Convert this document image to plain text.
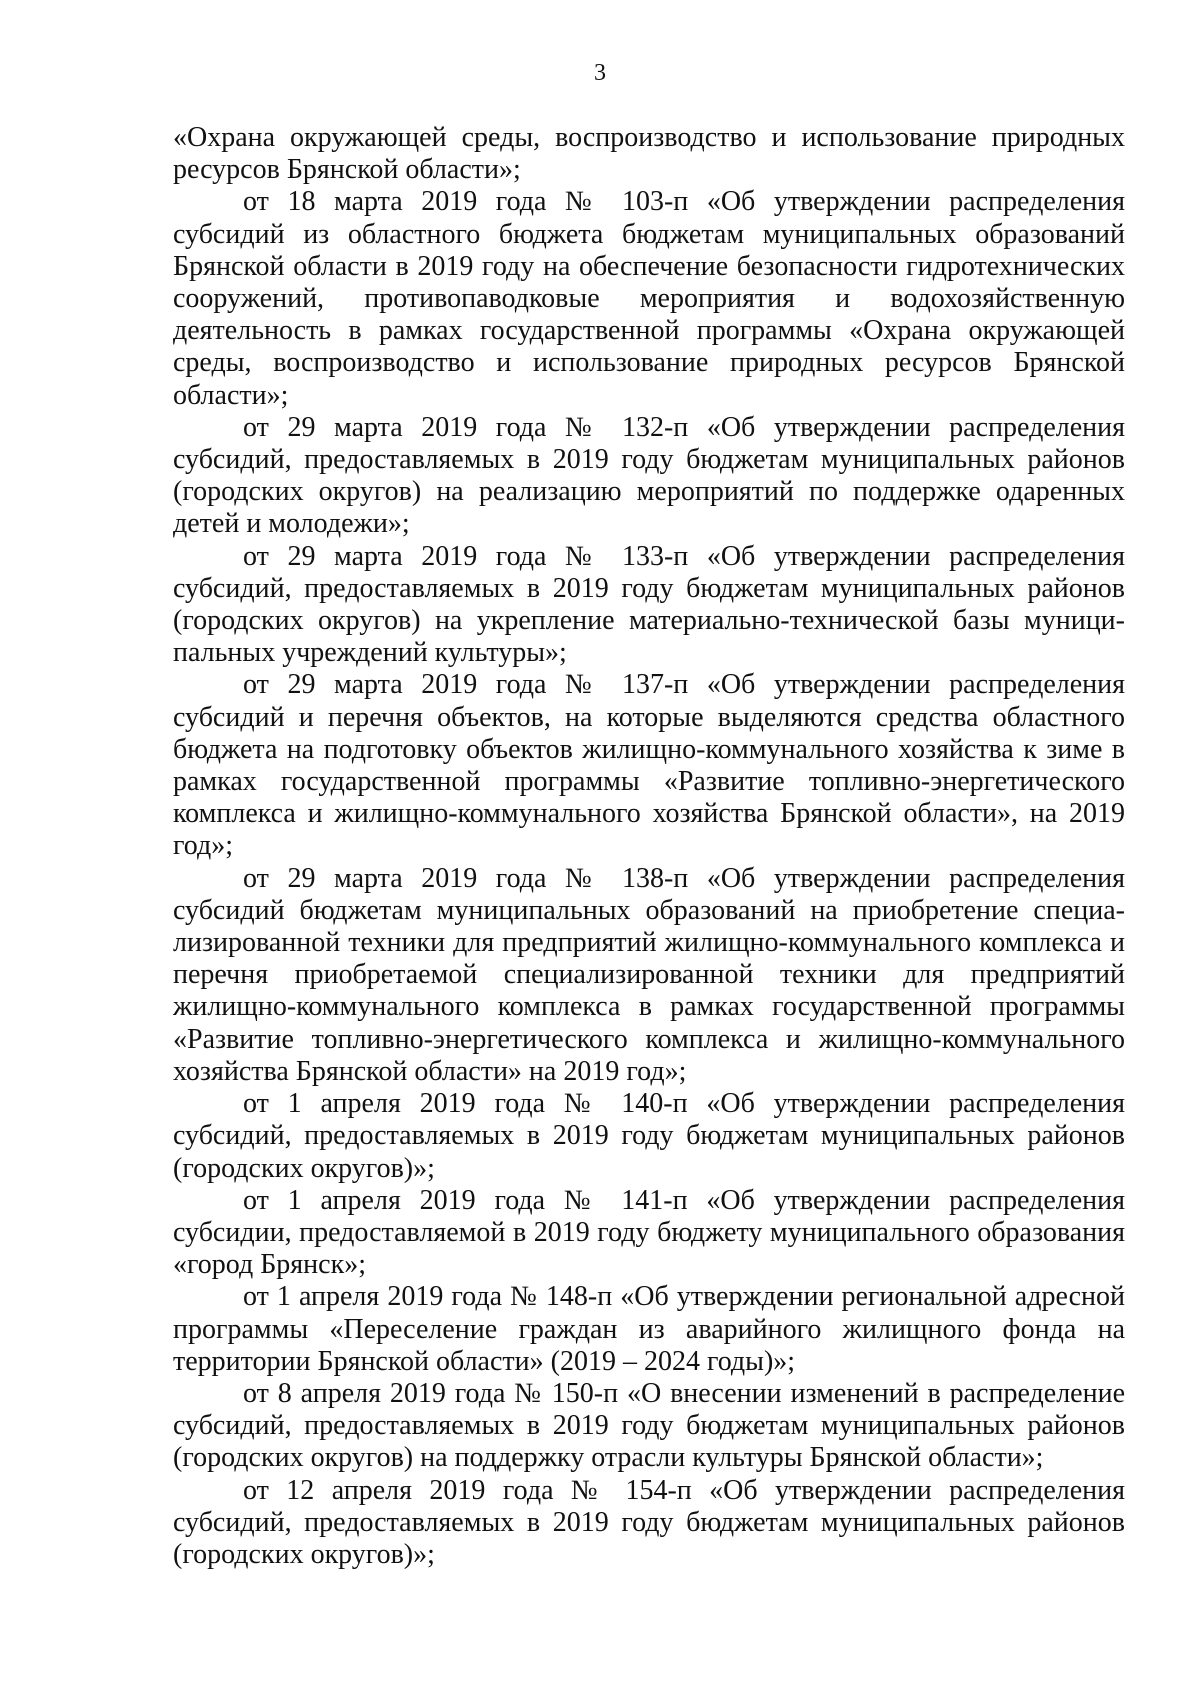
3

«Охрана окружающей среды, воспроизводство и использование природных ресурсов Брянской области»;

от 18 марта 2019 года № 103-п «Об утверждении распределения субсидий из областного бюджета бюджетам муниципальных образований Брянской области в 2019 году на обеспечение безопасности гидротехнических сооружений, противопаводковые мероприятия и водохозяйственную деятельность в рамках государственной программы «Охрана окружающей среды, воспроизводство и использование природных ресурсов Брянской области»;

от 29 марта 2019 года № 132-п «Об утверждении распределения субсидий, предоставляемых в 2019 году бюджетам муниципальных районов (городских округов) на реализацию мероприятий по поддержке одаренных детей и молодежи»;

от 29 марта 2019 года № 133-п «Об утверждении распределения субсидий, предоставляемых в 2019 году бюджетам муниципальных районов (городских округов) на укрепление материально-технической базы муниципальных учреждений культуры»;

от 29 марта 2019 года № 137-п «Об утверждении распределения субсидий и перечня объектов, на которые выделяются средства областного бюджета на подготовку объектов жилищно-коммунального хозяйства к зиме в рамках государственной программы «Развитие топливно-энергетического комплекса и жилищно-коммунального хозяйства Брянской области», на 2019 год»;

от 29 марта 2019 года № 138-п «Об утверждении распределения субсидий бюджетам муниципальных образований на приобретение специализированной техники для предприятий жилищно-коммунального комплекса и перечня приобретаемой специализированной техники для предприятий жилищно-коммунального комплекса в рамках государственной программы «Развитие топливно-энергетического комплекса и жилищно-коммунального хозяйства Брянской области» на 2019 год»;

от 1 апреля 2019 года № 140-п «Об утверждении распределения субсидий, предоставляемых в 2019 году бюджетам муниципальных районов (городских округов)»;

от 1 апреля 2019 года № 141-п «Об утверждении распределения субсидии, предоставляемой в 2019 году бюджету муниципального образования «город Брянск»;

от 1 апреля 2019 года № 148-п «Об утверждении региональной адресной программы «Переселение граждан из аварийного жилищного фонда на территории Брянской области» (2019 – 2024 годы)»;

от 8 апреля 2019 года № 150-п «О внесении изменений в распределение субсидий, предоставляемых в 2019 году бюджетам муниципальных районов (городских округов) на поддержку отрасли культуры Брянской области»;

от 12 апреля 2019 года № 154-п «Об утверждении распределения субсидий, предоставляемых в 2019 году бюджетам муниципальных районов (городских округов)»;
